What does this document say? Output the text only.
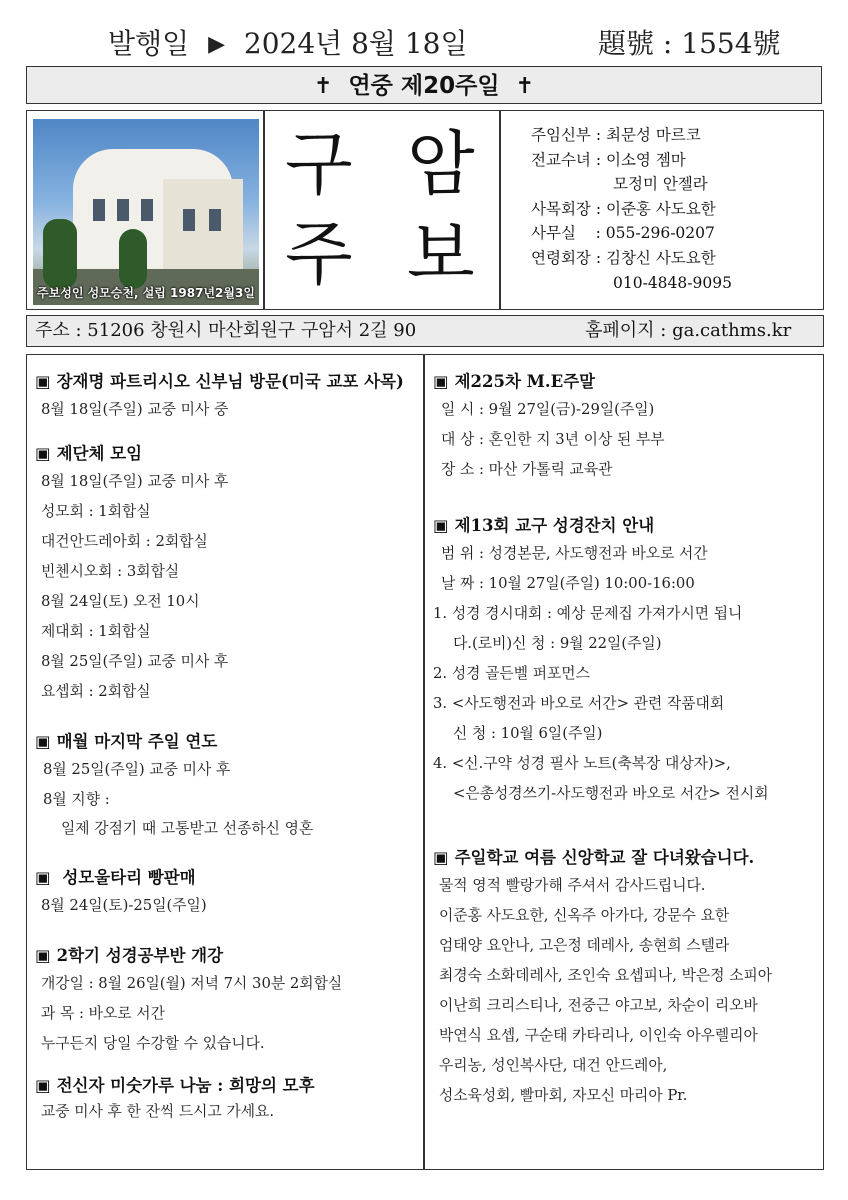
발행일 ▶ 2024년 8월 18일	題號 : 1554號
✝ 연중 제20주일 ✝
주보성인 성모승천, 설립 1987년2월3일
구 암
주 보
주임신부 : 최문성 마르코
전교수녀 : 이소영 젬마
모정미 안젤라
사목회장 : 이준홍 사도요한
사무실    : 055-296-0207
연령회장 : 김창신 사도요한
010-4848-9095
주소 : 51206 창원시 마산회원구 구암서 2길 90	홈페이지 : ga.cathms.kr
▣ 장재명 파트리시오 신부님 방문(미국 교포 사목)
8월 18일(주일) 교중 미사 중
▣ 제단체 모임
8월 18일(주일) 교중 미사 후
성모회 : 1회합실
대건안드레아회 : 2회합실
빈첸시오회 : 3회합실
8월 24일(토) 오전 10시
제대회 : 1회합실
8월 25일(주일) 교중 미사 후
요셉회 : 2회합실
▣ 매월 마지막 주일 연도
8월 25일(주일) 교중 미사 후
8월 지향 :
일제 강점기 때 고통받고 선종하신 영혼
▣ 성모울타리 빵판매
8월 24일(토)-25일(주일)
▣ 2학기 성경공부반 개강
개강일 : 8월 26일(월) 저녁 7시 30분 2회합실
과 목 : 바오로 서간
누구든지 당일 수강할 수 있습니다.
▣ 전신자 미숫가루 나눔 : 희망의 모후
교중 미사 후 한 잔씩 드시고 가세요.
▣ 제225차 M.E주말
일 시 : 9월 27일(금)-29일(주일)
대 상 : 혼인한 지 3년 이상 된 부부
장 소 : 마산 가톨릭 교육관
▣ 제13회 교구 성경잔치 안내
범 위 : 성경본문, 사도행전과 바오로 서간
날 짜 : 10월 27일(주일) 10:00-16:00
1. 성경 경시대회 : 예상 문제집 가져가시면 됩니
다.(로비)신 청 : 9월 22일(주일)
2. 성경 골든벨 퍼포먼스
3. <사도행전과 바오로 서간> 관련 작품대회
신 청 : 10월 6일(주일)
4. <신.구약 성경 필사 노트(축복장 대상자)>,
<은총성경쓰기-사도행전과 바오로 서간> 전시회
▣ 주일학교 여름 신앙학교 잘 다녀왔습니다.
물적 영적 빨랑가해 주셔서 감사드립니다.
이준홍 사도요한, 신옥주 아가다, 강문수 요한
엄태양 요안나, 고은정 데레사, 송현희 스텔라
최경숙 소화데레사, 조인숙 요셉피나, 박은정 소피아
이난희 크리스티나, 전중근 야고보, 차순이 리오바
박연식 요셉, 구순태 카타리나, 이인숙 아우렐리아
우리농, 성인복사단, 대건 안드레아,
성소육성회, 빨마회, 자모신 마리아 Pr.
